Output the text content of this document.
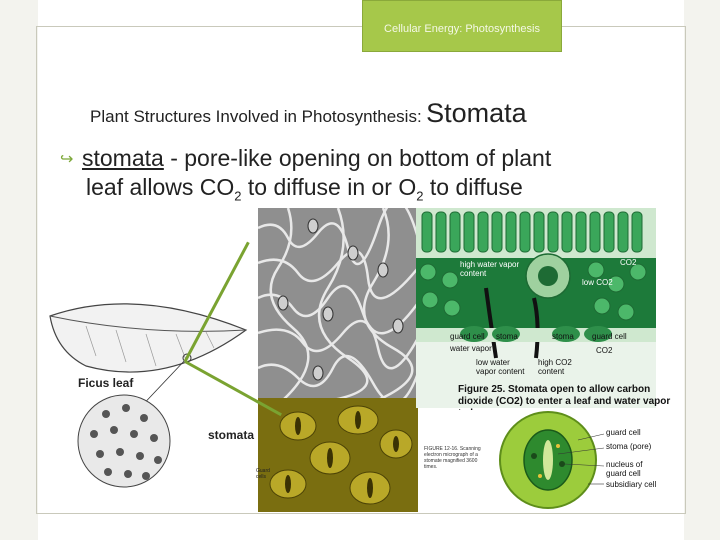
Cellular Energy: Photosynthesis
Plant Structures Involved in Photosynthesis: Stomata
↪ stomata - pore-like opening on bottom of plant
leaf allows $CO_2$ to diffuse in or $O_2$ to diffuse
Ficus leaf
stomata
Guard cells
high water vapor content
low CO2
CO2
guard cell stoma	stoma guard cell
water vapor	CO2
low water vapor content
high CO2 content
Figure 25. Stomata open to allow carbon dioxide (CO2) to enter a leaf and water vapor
guard cell
stoma (pore)
nucleus of guard cell
subsidiary cell
FIGURE 12-16. Scanning electron micrograph of a stomate magnified 3600 times.
